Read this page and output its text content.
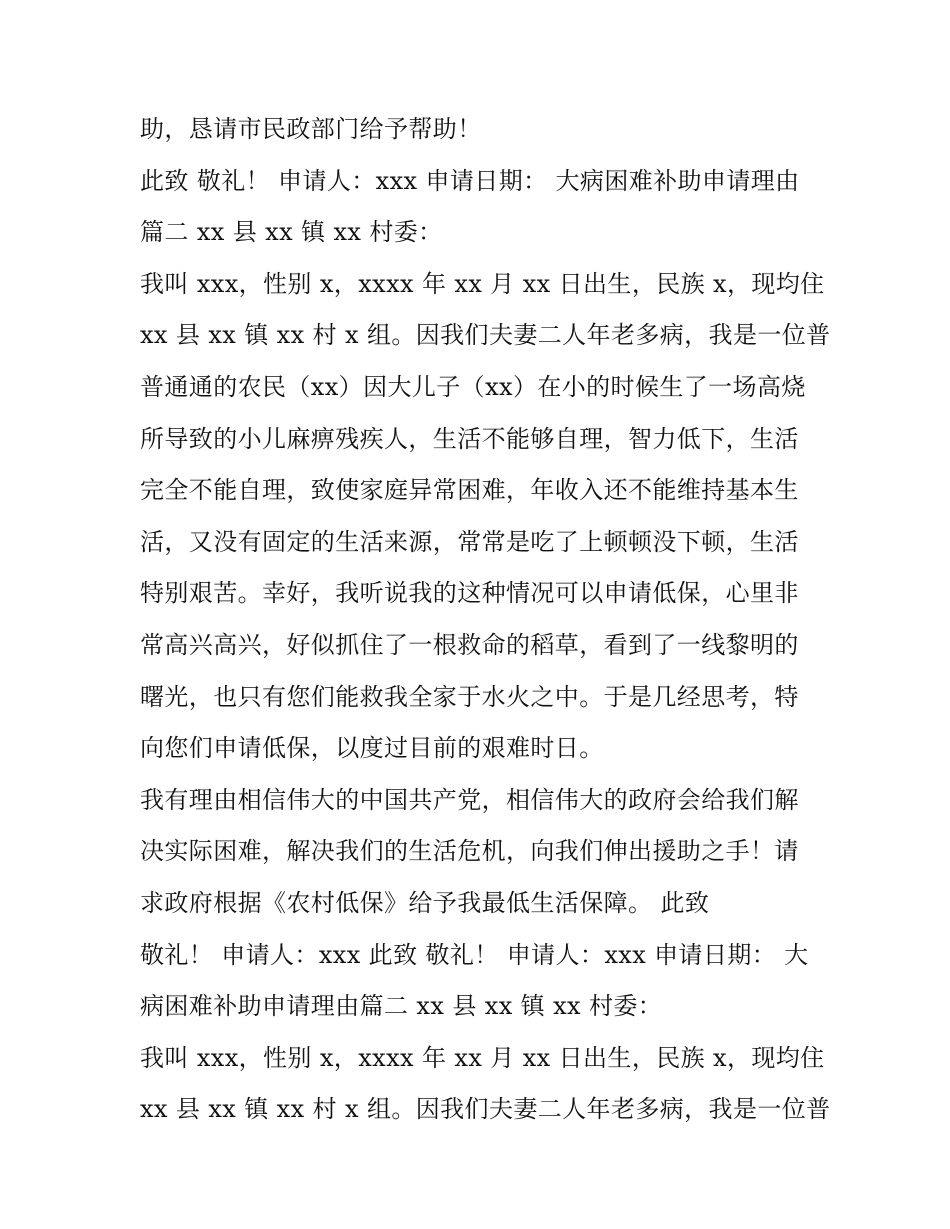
助，恳请市民政部门给予帮助！
此致 敬礼！ 申请人：xxx 申请日期： 大病困难补助申请理由
篇二 xx 县 xx 镇 xx 村委：
我叫 xxx，性别 x，xxxx 年 xx 月 xx 日出生，民族 x，现均住
xx 县 xx 镇 xx 村 x 组。因我们夫妻二人年老多病，我是一位普
普通通的农民（xx）因大儿子（xx）在小的时候生了一场高烧
所导致的小儿麻痹残疾人，生活不能够自理，智力低下，生活
完全不能自理，致使家庭异常困难，年收入还不能维持基本生
活，又没有固定的生活来源，常常是吃了上顿顿没下顿，生活
特别艰苦。幸好，我听说我的这种情况可以申请低保，心里非
常高兴高兴，好似抓住了一根救命的稻草，看到了一线黎明的
曙光，也只有您们能救我全家于水火之中。于是几经思考，特
向您们申请低保，以度过目前的艰难时日。
我有理由相信伟大的中国共产党，相信伟大的政府会给我们解
决实际困难，解决我们的生活危机，向我们伸出援助之手！请
求政府根据《农村低保》给予我最低生活保障。 此致
敬礼！ 申请人：xxx 此致 敬礼！ 申请人：xxx 申请日期： 大
病困难补助申请理由篇二 xx 县 xx 镇 xx 村委：
我叫 xxx，性别 x，xxxx 年 xx 月 xx 日出生，民族 x，现均住
xx 县 xx 镇 xx 村 x 组。因我们夫妻二人年老多病，我是一位普
